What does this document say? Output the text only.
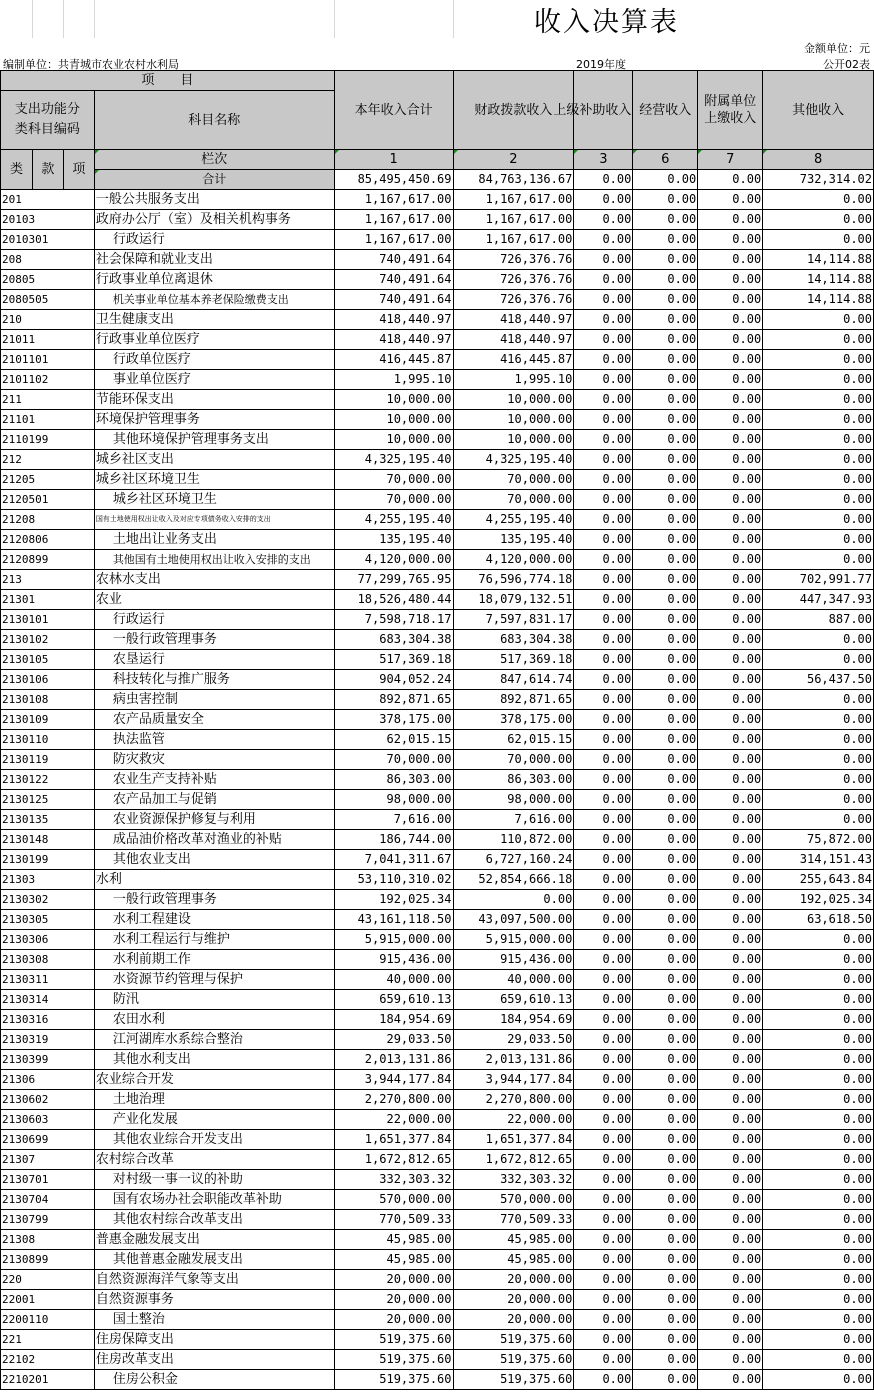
收入决算表
金额单位：元
编制单位：共青城市农业农村水利局	2019年度	公开02表
项　　目				本年收入合计	财政拨款收入	上级补助收入	经营收入	附属单位
上缴收入	其他收入

支出功能分
类科目编码			科目名称						
类	款	项	栏次	1	2	3	6	7	8
			合计	85,495,450.69	84,763,136.67	0.00	0.00	0.00	732,314.02
201			一般公共服务支出	1,167,617.00	1,167,617.00	0.00	0.00	0.00	0.00
20103			政府办公厅（室）及相关机构事务	1,167,617.00	1,167,617.00	0.00	0.00	0.00	0.00
2010301			行政运行	1,167,617.00	1,167,617.00	0.00	0.00	0.00	0.00
208			社会保障和就业支出	740,491.64	726,376.76	0.00	0.00	0.00	14,114.88
20805			行政事业单位离退休	740,491.64	726,376.76	0.00	0.00	0.00	14,114.88
2080505			机关事业单位基本养老保险缴费支出	740,491.64	726,376.76	0.00	0.00	0.00	14,114.88
210			卫生健康支出	418,440.97	418,440.97	0.00	0.00	0.00	0.00
21011			行政事业单位医疗	418,440.97	418,440.97	0.00	0.00	0.00	0.00
2101101			行政单位医疗	416,445.87	416,445.87	0.00	0.00	0.00	0.00
2101102			事业单位医疗	1,995.10	1,995.10	0.00	0.00	0.00	0.00
211			节能环保支出	10,000.00	10,000.00	0.00	0.00	0.00	0.00
21101			环境保护管理事务	10,000.00	10,000.00	0.00	0.00	0.00	0.00
2110199			其他环境保护管理事务支出	10,000.00	10,000.00	0.00	0.00	0.00	0.00
212			城乡社区支出	4,325,195.40	4,325,195.40	0.00	0.00	0.00	0.00
21205			城乡社区环境卫生	70,000.00	70,000.00	0.00	0.00	0.00	0.00
2120501			城乡社区环境卫生	70,000.00	70,000.00	0.00	0.00	0.00	0.00
21208			国有土地使用权出让收入及对应专项债务收入安排的支出	4,255,195.40	4,255,195.40	0.00	0.00	0.00	0.00
2120806			土地出让业务支出	135,195.40	135,195.40	0.00	0.00	0.00	0.00
2120899			其他国有土地使用权出让收入安排的支出	4,120,000.00	4,120,000.00	0.00	0.00	0.00	0.00
213			农林水支出	77,299,765.95	76,596,774.18	0.00	0.00	0.00	702,991.77
21301			农业	18,526,480.44	18,079,132.51	0.00	0.00	0.00	447,347.93
2130101			行政运行	7,598,718.17	7,597,831.17	0.00	0.00	0.00	887.00
2130102			一般行政管理事务	683,304.38	683,304.38	0.00	0.00	0.00	0.00
2130105			农垦运行	517,369.18	517,369.18	0.00	0.00	0.00	0.00
2130106			科技转化与推广服务	904,052.24	847,614.74	0.00	0.00	0.00	56,437.50
2130108			病虫害控制	892,871.65	892,871.65	0.00	0.00	0.00	0.00
2130109			农产品质量安全	378,175.00	378,175.00	0.00	0.00	0.00	0.00
2130110			执法监管	62,015.15	62,015.15	0.00	0.00	0.00	0.00
2130119			防灾救灾	70,000.00	70,000.00	0.00	0.00	0.00	0.00
2130122			农业生产支持补贴	86,303.00	86,303.00	0.00	0.00	0.00	0.00
2130125			农产品加工与促销	98,000.00	98,000.00	0.00	0.00	0.00	0.00
2130135			农业资源保护修复与利用	7,616.00	7,616.00	0.00	0.00	0.00	0.00
2130148			成品油价格改革对渔业的补贴	186,744.00	110,872.00	0.00	0.00	0.00	75,872.00
2130199			其他农业支出	7,041,311.67	6,727,160.24	0.00	0.00	0.00	314,151.43
21303			水利	53,110,310.02	52,854,666.18	0.00	0.00	0.00	255,643.84
2130302			一般行政管理事务	192,025.34	0.00	0.00	0.00	0.00	192,025.34
2130305			水利工程建设	43,161,118.50	43,097,500.00	0.00	0.00	0.00	63,618.50
2130306			水利工程运行与维护	5,915,000.00	5,915,000.00	0.00	0.00	0.00	0.00
2130308			水利前期工作	915,436.00	915,436.00	0.00	0.00	0.00	0.00
2130311			水资源节约管理与保护	40,000.00	40,000.00	0.00	0.00	0.00	0.00
2130314			防汛	659,610.13	659,610.13	0.00	0.00	0.00	0.00
2130316			农田水利	184,954.69	184,954.69	0.00	0.00	0.00	0.00
2130319			江河湖库水系综合整治	29,033.50	29,033.50	0.00	0.00	0.00	0.00
2130399			其他水利支出	2,013,131.86	2,013,131.86	0.00	0.00	0.00	0.00
21306			农业综合开发	3,944,177.84	3,944,177.84	0.00	0.00	0.00	0.00
2130602			土地治理	2,270,800.00	2,270,800.00	0.00	0.00	0.00	0.00
2130603			产业化发展	22,000.00	22,000.00	0.00	0.00	0.00	0.00
2130699			其他农业综合开发支出	1,651,377.84	1,651,377.84	0.00	0.00	0.00	0.00
21307			农村综合改革	1,672,812.65	1,672,812.65	0.00	0.00	0.00	0.00
2130701			对村级一事一议的补助	332,303.32	332,303.32	0.00	0.00	0.00	0.00
2130704			国有农场办社会职能改革补助	570,000.00	570,000.00	0.00	0.00	0.00	0.00
2130799			其他农村综合改革支出	770,509.33	770,509.33	0.00	0.00	0.00	0.00
21308			普惠金融发展支出	45,985.00	45,985.00	0.00	0.00	0.00	0.00
2130899			其他普惠金融发展支出	45,985.00	45,985.00	0.00	0.00	0.00	0.00
220			自然资源海洋气象等支出	20,000.00	20,000.00	0.00	0.00	0.00	0.00
22001			自然资源事务	20,000.00	20,000.00	0.00	0.00	0.00	0.00
2200110			国土整治	20,000.00	20,000.00	0.00	0.00	0.00	0.00
221			住房保障支出	519,375.60	519,375.60	0.00	0.00	0.00	0.00
22102			住房改革支出	519,375.60	519,375.60	0.00	0.00	0.00	0.00
2210201			住房公积金	519,375.60	519,375.60	0.00	0.00	0.00	0.00
